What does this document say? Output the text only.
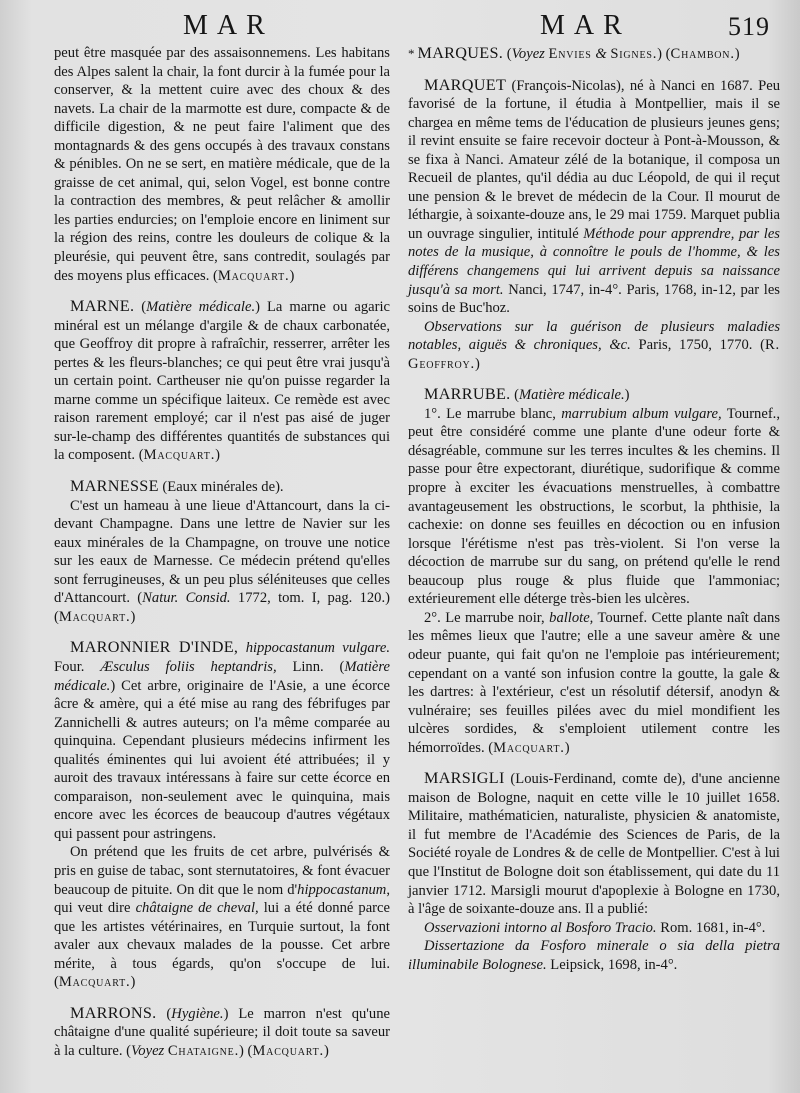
MAR	MAR	519

peut être masquée par des assaisonnemens. Les habitans des Alpes salent la chair, la font durcir à la fumée pour la conserver, & la mettent cuire avec des choux & des navets. La chair de la marmotte est dure, compacte & de difficile digestion, & ne peut faire l'aliment que des montagnards & des gens occupés à des travaux constans & pénibles. On ne se sert, en matière médicale, que de la graisse de cet animal, qui, selon Vogel, est bonne contre la contraction des membres, & peut relâcher & amollir les parties endurcies; on l'emploie encore en liniment sur la région des reins, contre les douleurs de colique & la pleurésie, qui peuvent être, sans contredit, soulagés par des moyens plus efficaces. (Macquart.)

MARNE. (Matière médicale.) La marne ou agaric minéral est un mélange d'argile & de chaux carbonatée, que Geoffroy dit propre à rafraîchir, resserrer, arrêter les pertes & les fleurs-blanches; ce qui peut être vrai jusqu'à un certain point. Cartheuser nie qu'on puisse regarder la marne comme un spécifique laiteux. Ce remède est avec raison rarement employé; car il n'est pas aisé de juger sur-le-champ des différentes quantités de substances qui la composent. (Macquart.)

MARNESSE (Eaux minérales de).

C'est un hameau à une lieue d'Attancourt, dans la ci-devant Champagne. Dans une lettre de Navier sur les eaux minérales de la Champagne, on trouve une notice sur les eaux de Marnesse. Ce médecin prétend qu'elles sont ferrugineuses, & un peu plus séléniteuses que celles d'Attancourt. (Natur. Consid. 1772, tom. I, pag. 120.) (Macquart.)

MARONNIER D'INDE, hippocastanum vulgare. Four. Æsculus foliis heptandris, Linn. (Matière médicale.) Cet arbre, originaire de l'Asie, a une écorce âcre & amère, qui a été mise au rang des fébrifuges par Zannichelli & autres auteurs; on l'a même comparée au quinquina. Cependant plusieurs médecins infirment les qualités éminentes qui lui avoient été attribuées; il y auroit des travaux intéressans à faire sur cette écorce en comparaison, non-seulement avec le quinquina, mais encore avec les écorces de beaucoup d'autres végétaux qui passent pour astringens.

On prétend que les fruits de cet arbre, pulvérisés & pris en guise de tabac, sont sternutatoires, & font évacuer beaucoup de pituite. On dit que le nom d'hippocastanum, qui veut dire châtaigne de cheval, lui a été donné parce que les artistes vétérinaires, en Turquie surtout, la font avaler aux chevaux malades de la pousse. Cet arbre mérite, à tous égards, qu'on s'occupe de lui. (Macquart.)

MARRONS. (Hygiène.) Le marron n'est qu'une châtaigne d'une qualité supérieure; il doit toute sa saveur à la culture. (Voyez Chataigne.) (Macquart.)

* MARQUES. (Voyez Envies & Signes.) (Chambon.)

MARQUET (François-Nicolas), né à Nanci en 1687. Peu favorisé de la fortune, il étudia à Montpellier, mais il se chargea en même tems de l'éducation de plusieurs jeunes gens; il revint ensuite se faire recevoir docteur à Pont-à-Mousson, & se fixa à Nanci. Amateur zélé de la botanique, il composa un Recueil de plantes, qu'il dédia au duc Léopold, de qui il reçut une pension & le brevet de médecin de la Cour. Il mourut de léthargie, à soixante-douze ans, le 29 mai 1759. Marquet publia un ouvrage singulier, intitulé Méthode pour apprendre, par les notes de la musique, à connoître le pouls de l'homme, & les différens changemens qui lui arrivent depuis sa naissance jusqu'à sa mort. Nanci, 1747, in-4°. Paris, 1768, in-12, par les soins de Buc'hoz.

Observations sur la guérison de plusieurs maladies notables, aiguës & chroniques, &c. Paris, 1750, 1770. (R. Geoffroy.)

MARRUBE. (Matière médicale.)

1°. Le marrube blanc, marrubium album vulgare, Tournef., peut être considéré comme une plante d'une odeur forte & désagréable, commune sur les terres incultes & les chemins. Il passe pour être expectorant, diurétique, sudorifique & comme propre à exciter les évacuations menstruelles, à combattre avantageusement les obstructions, le scorbut, la phthisie, la cachexie: on donne ses feuilles en décoction ou en infusion lorsque l'érétisme n'est pas très-violent. Si l'on verse la décoction de marrube sur du sang, on prétend qu'elle le rend beaucoup plus rouge & plus fluide que l'ammoniac; extérieurement elle déterge très-bien les ulcères.

2°. Le marrube noir, ballote, Tournef. Cette plante naît dans les mêmes lieux que l'autre; elle a une saveur amère & une odeur puante, qui fait qu'on ne l'emploie pas intérieurement; cependant on a vanté son infusion contre la goutte, la gale & les dartres: à l'extérieur, c'est un résolutif détersif, anodyn & vulnéraire; ses feuilles pilées avec du miel mondifient les ulcères sordides, & s'emploient utilement contre les hémorroïdes. (Macquart.)

MARSIGLI (Louis-Ferdinand, comte de), d'une ancienne maison de Bologne, naquit en cette ville le 10 juillet 1658. Militaire, mathématicien, naturaliste, physicien & anatomiste, il fut membre de l'Académie des Sciences de Paris, de la Société royale de Londres & de celle de Montpellier. C'est à lui que l'Institut de Bologne doit son établissement, qui date du 11 janvier 1712. Marsigli mourut d'apoplexie à Bologne en 1730, à l'âge de soixante-douze ans. Il a publié:

Osservazioni intorno al Bosforo Tracio. Rom. 1681, in-4°.

Dissertazione da Fosforo minerale o sia della pietra illuminabile Bolognese. Leipsick, 1698, in-4°.
